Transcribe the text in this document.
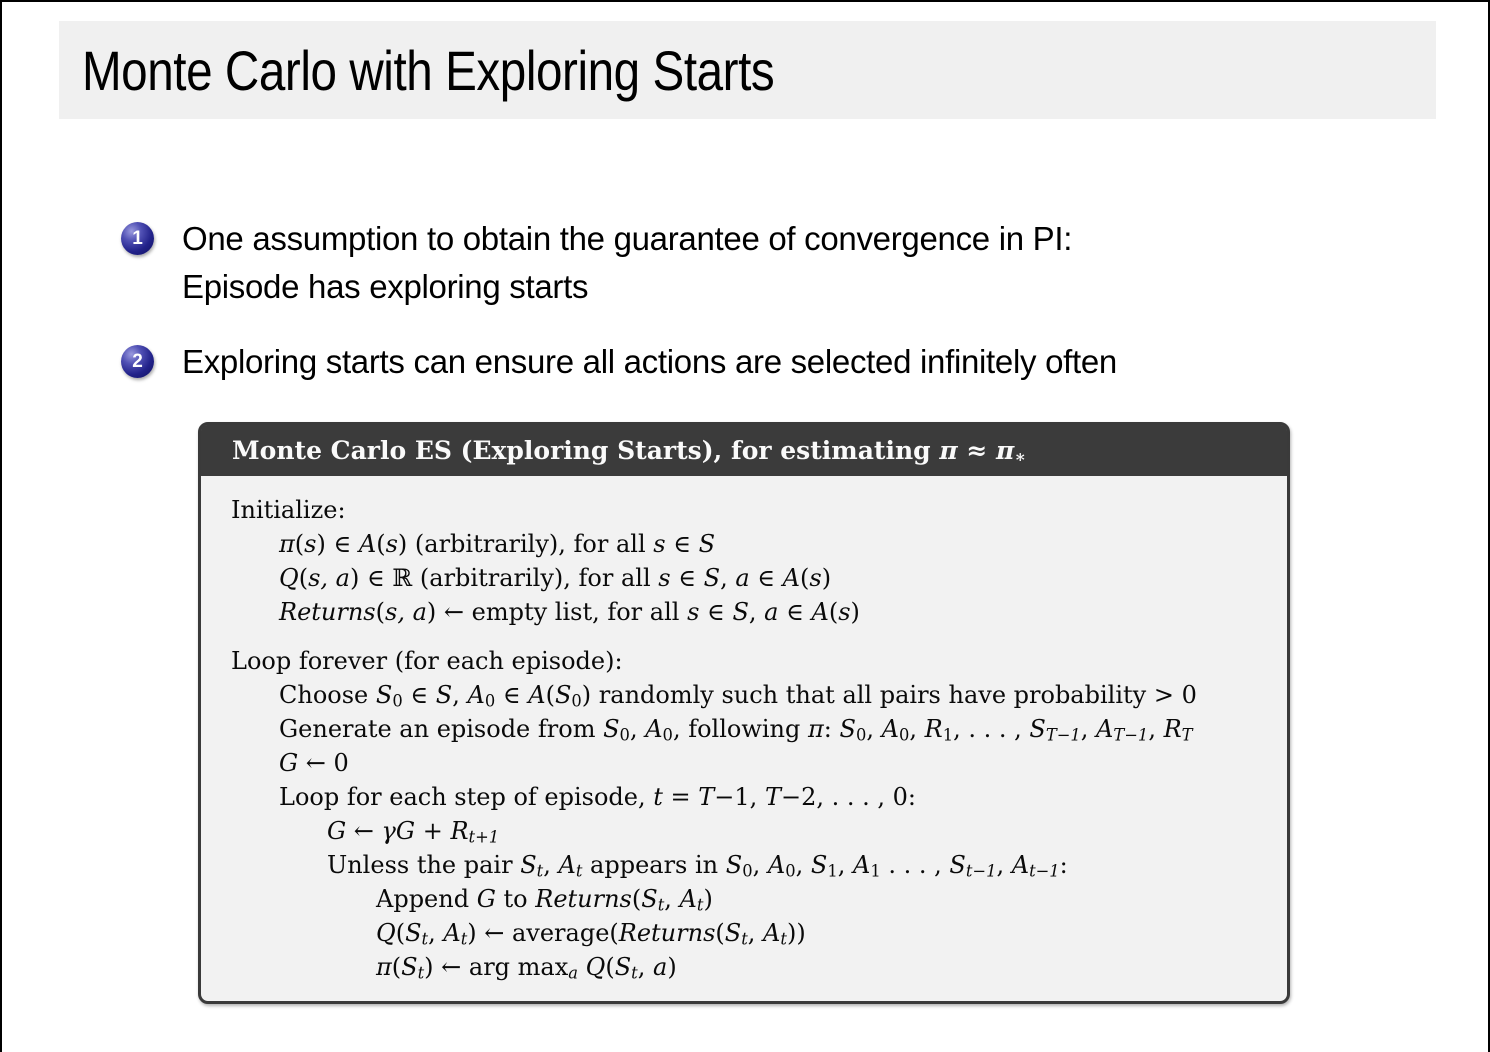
Monte Carlo with Exploring Starts
1	One assumption to obtain the guarantee of convergence in PI:
Episode has exploring starts
2	Exploring starts can ensure all actions are selected infinitely often
Monte Carlo ES (Exploring Starts), for estimating π ≈ π∗
Initialize:
π(s) ∈ A(s) (arbitrarily), for all s ∈ S
Q(s, a) ∈ ℝ (arbitrarily), for all s ∈ S, a ∈ A(s)
Returns(s, a) ← empty list, for all s ∈ S, a ∈ A(s)
Loop forever (for each episode):
Choose S0 ∈ S, A0 ∈ A(S0) randomly such that all pairs have probability > 0
Generate an episode from S0, A0, following π: S0, A0, R1, . . . , ST−1, AT−1, RT
G ← 0
Loop for each step of episode, t = T−1, T−2, . . . , 0:
G ← γG + Rt+1
Unless the pair St, At appears in S0, A0, S1, A1 . . . , St−1, At−1:
Append G to Returns(St, At)
Q(St, At) ← average(Returns(St, At))
π(St) ← arg maxa Q(St, a)
